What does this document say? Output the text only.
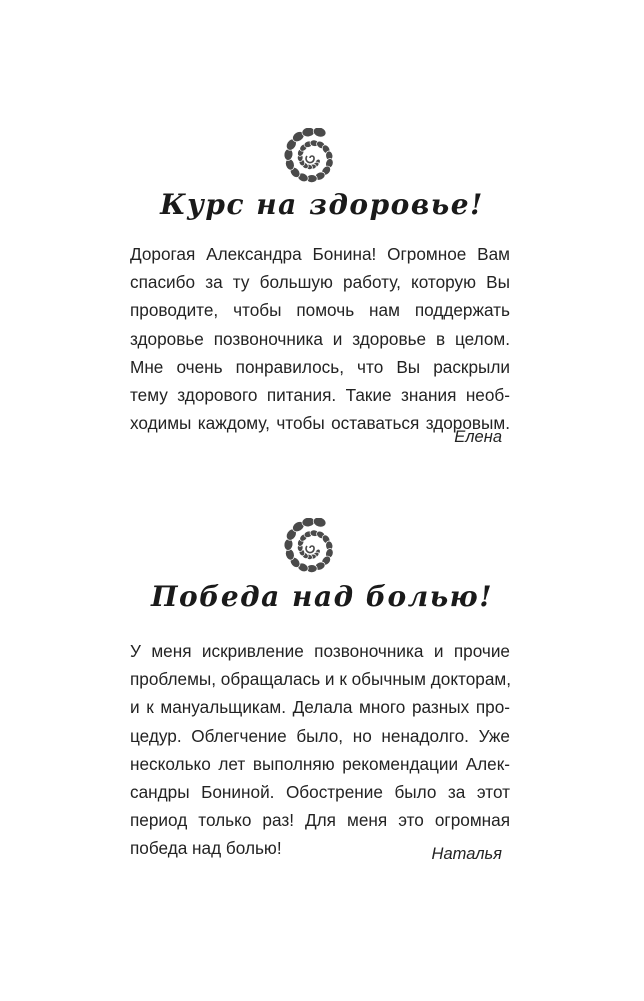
Курс на здоровье!

Дорогая Александра Бонина! Огромное Вам
спасибо за ту большую работу, которую Вы
проводите, чтобы помочь нам поддержать
здоровье позвоночника и здоровье в целом.
Мне очень понравилось, что Вы раскрыли
тему здорового питания. Такие знания необ-
ходимы каждому, чтобы оставаться здоровым.

Елена

Победа над болью!

У меня искривление позвоночника и прочие
проблемы, обращалась и к обычным докторам,
и к мануальщикам. Делала много разных про-
цедур. Облегчение было, но ненадолго. Уже
несколько лет выполняю рекомендации Алек-
сандры Бониной. Обострение было за этот
период только раз! Для меня это огромная
победа над болью!	Наталья
